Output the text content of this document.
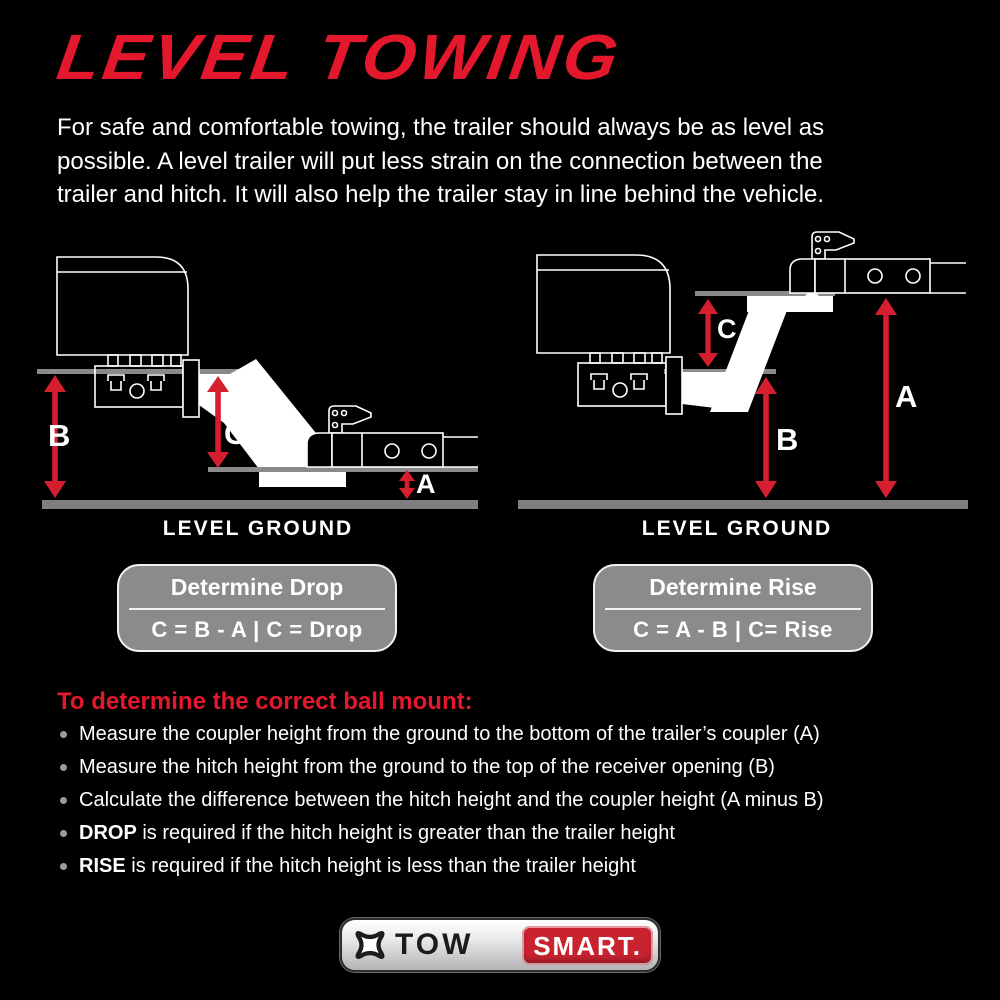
LEVEL TOWING
For safe and comfortable towing, the trailer should always be as level as
possible. A level trailer will put less strain on the connection between the
trailer and hitch. It will also help the trailer stay in line behind the vehicle.
B	C
A
C
B
A
LEVEL GROUND	LEVEL GROUND
Determine Drop
C = B - A | C = Drop
Determine Rise
C = A - B | C= Rise
To determine the correct ball mount:
Measure the coupler height from the ground to the bottom of the trailer’s coupler (A)
Measure the hitch height from the ground to the top of the receiver opening (B)
Calculate the difference between the hitch height and the coupler height (A minus B)
DROP is required if the hitch height is greater than the trailer height
RISE is required if the hitch height is less than the trailer height
TOW	SMART.
